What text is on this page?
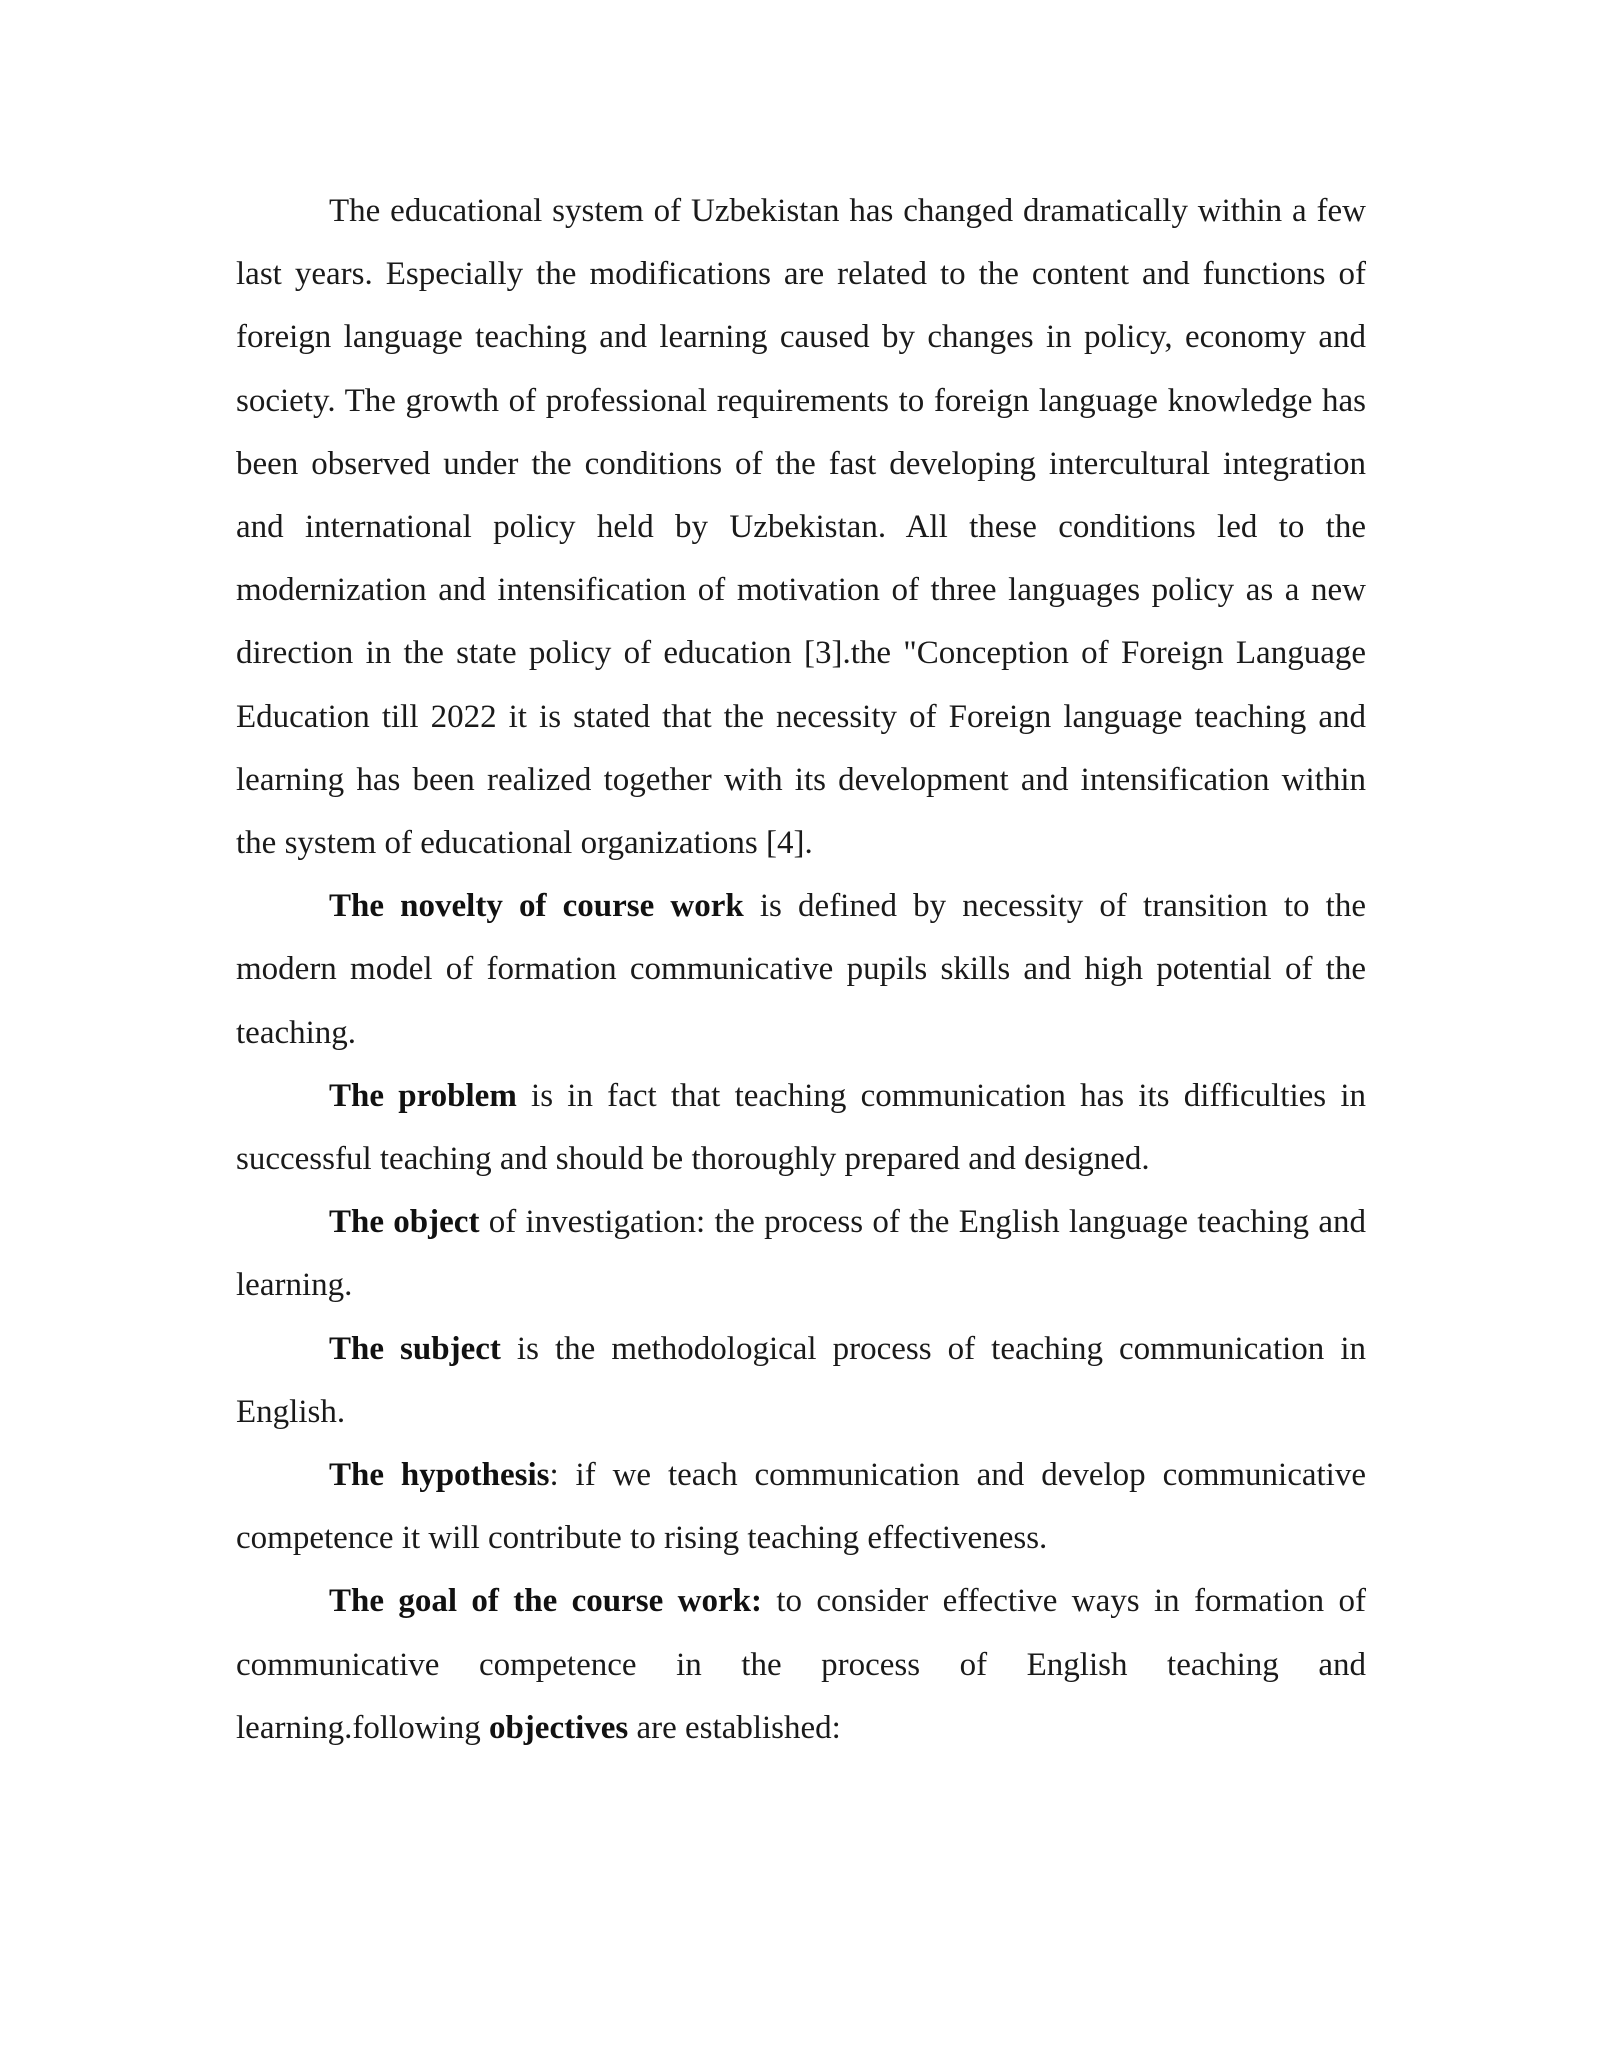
The educational system of Uzbekistan has changed dramatically within a few last years. Especially the modifications are related to the content and functions of foreign language teaching and learning caused by changes in policy, economy and society. The growth of professional requirements to foreign language knowledge has been observed under the conditions of the fast developing intercultural integration and international policy held by Uzbekistan. All these conditions led to the modernization and intensification of motivation of three languages policy as a new direction in the state policy of education [3].the "Conception of Foreign Language Education till 2022 it is stated that the necessity of Foreign language teaching and learning has been realized together with its development and intensification within the system of educational organizations [4].

The novelty of course work is defined by necessity of transition to the modern model of formation communicative pupils skills and high potential of the teaching.

The problem is in fact that teaching communication has its difficulties in successful teaching and should be thoroughly prepared and designed.

The object of investigation: the process of the English language teaching and learning.

The subject is the methodological process of teaching communication in English.

The hypothesis: if we teach communication and develop communicative competence it will contribute to rising teaching effectiveness.

The goal of the course work: to consider effective ways in formation of communicative competence in the process of English teaching and learning.following objectives are established:
